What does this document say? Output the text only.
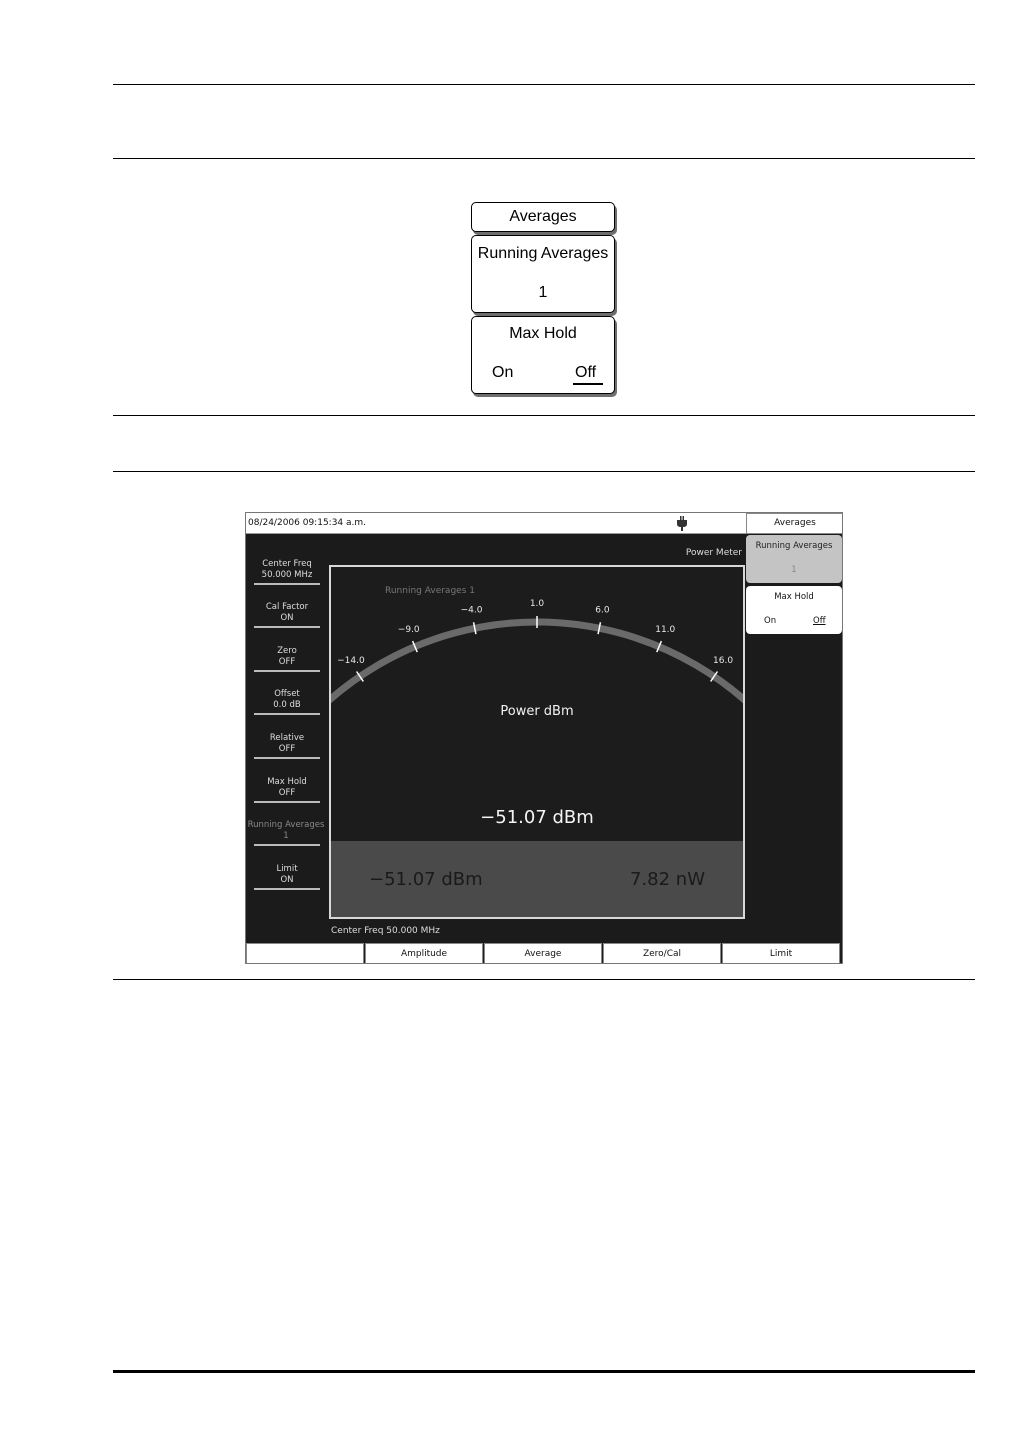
Averages
Running Averages
1
Max Hold
On	Off
08/24/2006 09:15:34 a.m.
Power Meter
Center Freq
50.000 MHz
Cal Factor
ON
Zero
OFF
Offset
0.0 dB
Relative
OFF
Max Hold
OFF
Running Averages
1
Limit
ON
−14.0
−9.0
−4.0
1.0
6.0
11.0
16.0
Running Averages 1
Power dBm
−51.07 dBm
−51.07 dBm	7.82 nW
Center Freq 50.000 MHz
Averages
Running Averages
1
Max Hold
On	Off
Amplitude	Average	Zero/Cal	Limit
